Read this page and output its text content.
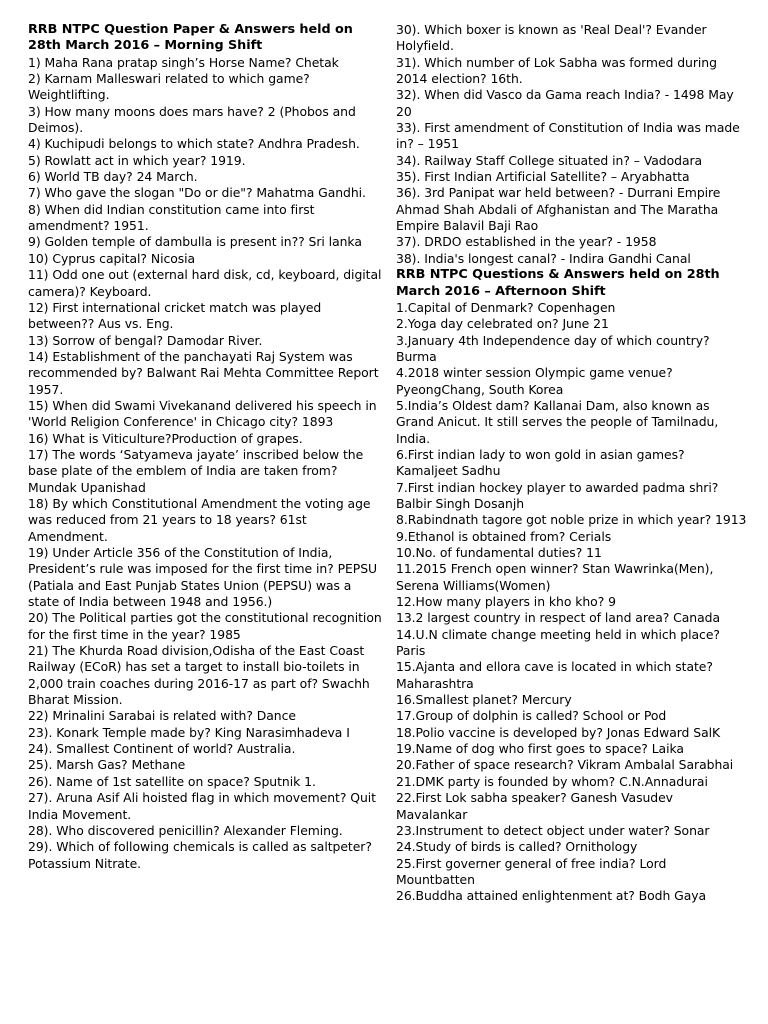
RRB NTPC Question Paper & Answers held on 28th March 2016 – Morning Shift

1) Maha Rana pratap singh’s Horse Name? Chetak

2) Karnam Malleswari related to which game? Weightlifting.

3) How many moons does mars have? 2 (Phobos and Deimos).

4) Kuchipudi belongs to which state? Andhra Pradesh.

5) Rowlatt act in which year? 1919.

6) World TB day? 24 March.

7) Who gave the slogan "Do or die"? Mahatma Gandhi.

8) When did Indian constitution came into first amendment? 1951.

9) Golden temple of dambulla is present in?? Sri lanka

10) Cyprus capital? Nicosia

11) Odd one out (external hard disk, cd, keyboard, digital camera)? Keyboard.

12) First international cricket match was played between?? Aus vs. Eng.

13) Sorrow of bengal? Damodar River.

14) Establishment of the panchayati Raj System was recommended by? Balwant Rai Mehta Committee Report 1957.

15) When did Swami Vivekanand delivered his speech in 'World Religion Conference' in Chicago city? 1893

16) What is Viticulture?Production of grapes.

17) The words ‘Satyameva jayate’ inscribed below the base plate of the emblem of India are taken from? Mundak Upanishad

18) By which Constitutional Amendment the voting age was reduced from 21 years to 18 years? 61st Amendment.

19) Under Article 356 of the Constitution of India, President’s rule was imposed for the first time in? PEPSU (Patiala and East Punjab States Union (PEPSU) was a state of India between 1948 and 1956.)

20) The Political parties got the constitutional recognition for the first time in the year? 1985

21) The Khurda Road division,Odisha of the East Coast Railway (ECoR) has set a target to install bio-toilets in 2,000 train coaches during 2016-17 as part of? Swachh Bharat Mission.

22) Mrinalini Sarabai is related with? Dance

23). Konark Temple made by? King Narasimhadeva I

24). Smallest Continent of world? Australia.

25). Marsh Gas? Methane

26). Name of 1st satellite on space? Sputnik 1.

27). Aruna Asif Ali hoisted flag in which movement? Quit India Movement.

28). Who discovered penicillin? Alexander Fleming.

29). Which of following chemicals is called as saltpeter? Potassium Nitrate.

30). Which boxer is known as 'Real Deal'? Evander Holyfield.

31). Which number of Lok Sabha was formed during 2014 election? 16th.

32). When did Vasco da Gama reach India? - 1498 May 20

33). First amendment of Constitution of India was made in? – 1951

34). Railway Staff College situated in? – Vadodara

35). First Indian Artificial Satellite? – Aryabhatta

36). 3rd Panipat war held between? - Durrani Empire Ahmad Shah Abdali of Afghanistan and The Maratha Empire Balavil Baji Rao

37). DRDO established in the year? - 1958

38). India's longest canal? - Indira Gandhi Canal

RRB NTPC Questions & Answers held on 28th March 2016 – Afternoon Shift

1.Capital of Denmark? Copenhagen

2.Yoga day celebrated on? June 21

3.January 4th Independence day of which country? Burma

4.2018 winter session Olympic game venue? PyeongChang, South Korea

5.India’s Oldest dam? Kallanai Dam, also known as Grand Anicut. It still serves the people of Tamilnadu, India.

6.First indian lady to won gold in asian games? Kamaljeet Sadhu

7.First indian hockey player to awarded padma shri? Balbir Singh Dosanjh

8.Rabindnath tagore got noble prize in which year? 1913

9.Ethanol is obtained from? Cerials

10.No. of fundamental duties? 11

11.2015 French open winner? Stan Wawrinka(Men), Serena Williams(Women)

12.How many players in kho kho? 9

13.2 largest country in respect of land area? Canada

14.U.N climate change meeting held in which place? Paris

15.Ajanta and ellora cave is located in which state? Maharashtra

16.Smallest planet? Mercury

17.Group of dolphin is called? School or Pod

18.Polio vaccine is developed by? Jonas Edward SalK

19.Name of dog who first goes to space? Laika

20.Father of space research? Vikram Ambalal Sarabhai

21.DMK party is founded by whom? C.N.Annadurai

22.First Lok sabha speaker? Ganesh Vasudev Mavalankar

23.Instrument to detect object under water? Sonar

24.Study of birds is called? Ornithology

25.First governer general of free india? Lord Mountbatten

26.Buddha attained enlightenment at? Bodh Gaya
